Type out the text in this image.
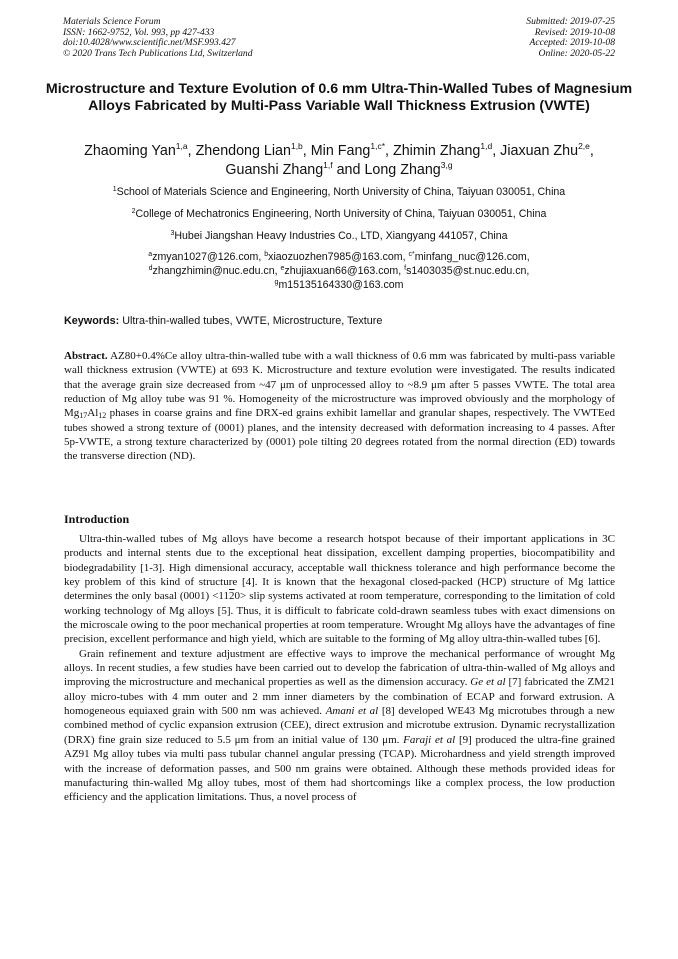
Materials Science Forum
ISSN: 1662-9752, Vol. 993, pp 427-433
doi:10.4028/www.scientific.net/MSF.993.427
© 2020 Trans Tech Publications Ltd, Switzerland
Submitted: 2019-07-25
Revised: 2019-10-08
Accepted: 2019-10-08
Online: 2020-05-22
Microstructure and Texture Evolution of 0.6 mm Ultra-Thin-Walled Tubes of Magnesium Alloys Fabricated by Multi-Pass Variable Wall Thickness Extrusion (VWTE)
Zhaoming Yan$^{1,a}$, Zhendong Lian$^{1,b}$, Min Fang$^{1,c*}$, Zhimin Zhang$^{1,d}$, Jiaxuan Zhu$^{2,e}$,
Guanshi Zhang$^{1,f}$ and Long Zhang$^{3,g}$
$^1$School of Materials Science and Engineering, North University of China, Taiyuan 030051, China
$^2$College of Mechatronics Engineering, North University of China, Taiyuan 030051, China
$^3$Hubei Jiangshan Heavy Industries Co., LTD, Xiangyang 441057, China
$^a$zmyan1027@126.com, $^b$xiaozuozhen7985@163.com, $^{c*}$minfang_nuc@126.com,
$^d$zhangzhimin@nuc.edu.cn, $^e$zhujiaxuan66@163.com, $^f$s1403035@st.nuc.edu.cn,
$^g$m15135164330@163.com
Keywords: Ultra-thin-walled tubes, VWTE, Microstructure, Texture
Abstract. AZ80+0.4%Ce alloy ultra-thin-walled tube with a wall thickness of 0.6 mm was fabricated by multi-pass variable wall thickness extrusion (VWTE) at 693 K. Microstructure and texture evolution were investigated. The results indicated that the average grain size decreased from ~47 μm of unprocessed alloy to ~8.9 μm after 5 passes VWTE. The total area reduction of Mg alloy tube was 91 %. Homogeneity of the microstructure was improved obviously and the morphology of $Mg_{17}Al_{12}$ phases in coarse grains and fine DRX-ed grains exhibit lamellar and granular shapes, respectively. The VWTEed tubes showed a strong texture of (0001) planes, and the intensity decreased with deformation increasing to 4 passes. After 5p-VWTE, a strong texture characterized by (0001) pole tilting 20 degrees rotated from the normal direction (ED) towards the transverse direction (ND).
Introduction

Ultra-thin-walled tubes of Mg alloys have become a research hotspot because of their important applications in 3C products and internal stents due to the exceptional heat dissipation, excellent damping properties, biocompatibility and biodegradability [1-3]. High dimensional accuracy, acceptable wall thickness tolerance and high performance become the key problem of this kind of structure [4]. It is known that the hexagonal closed-packed (HCP) structure of Mg lattice determines the only basal (0001) <1120> slip systems activated at room temperature, corresponding to the limitation of cold working technology of Mg alloys [5]. Thus, it is difficult to fabricate cold-drawn seamless tubes with exact dimensions on the microscale owing to the poor mechanical properties at room temperature. Wrought Mg alloys have the advantages of fine precision, excellent performance and high yield, which are suitable to the forming of Mg alloy ultra-thin-walled tubes [6].

Grain refinement and texture adjustment are effective ways to improve the mechanical performance of wrought Mg alloys. In recent studies, a few studies have been carried out to develop the fabrication of ultra-thin-walled of Mg alloys and improving the microstructure and mechanical properties as well as the dimension accuracy. Ge et al [7] fabricated the ZM21 alloy micro-tubes with 4 mm outer and 2 mm inner diameters by the combination of ECAP and forward extrusion. A homogeneous equiaxed grain with 500 nm was achieved. Amani et al [8] developed WE43 Mg microtubes through a new combined method of cyclic expansion extrusion (CEE), direct extrusion and microtube extrusion. Dynamic recrystallization (DRX) fine grain size reduced to 5.5 μm from an initial value of 130 μm. Faraji et al [9] produced the ultra-fine grained AZ91 Mg alloy tubes via multi pass tubular channel angular pressing (TCAP). Microhardness and yield strength improved with the increase of deformation passes, and 500 nm grains were obtained. Although these methods provided ideas for manufacturing thin-walled Mg alloy tubes, most of them had shortcomings like a complex process, the low production efficiency and the application limitations. Thus, a novel process of
